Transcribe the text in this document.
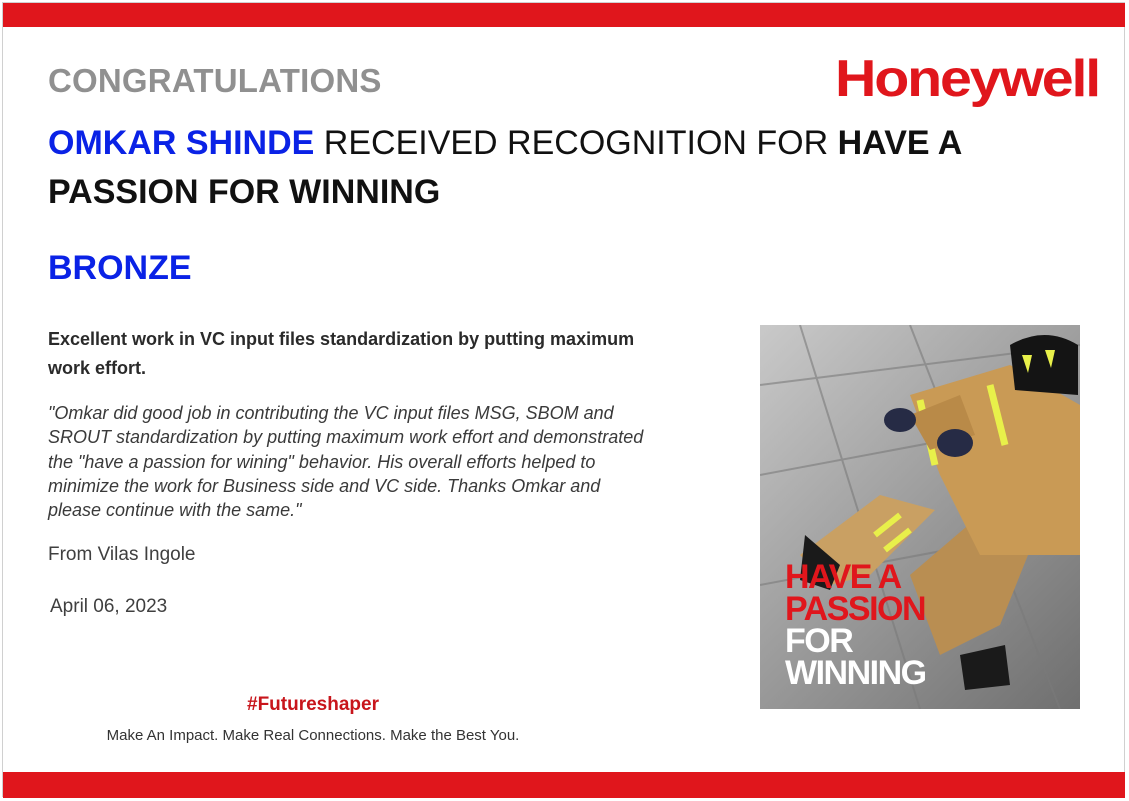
Honeywell
CONGRATULATIONS
OMKAR SHINDE RECEIVED RECOGNITION FOR HAVE A PASSION FOR WINNING
BRONZE
Excellent work in VC input files standardization by putting maximum work effort.
"Omkar did good job in contributing the VC input files MSG, SBOM and SROUT standardization by putting maximum work effort and demonstrated the "have a passion for wining" behavior. His overall efforts helped to minimize the work for Business side and VC side. Thanks Omkar and please continue with the same."
From Vilas Ingole
April 06, 2023
HAVE A
PASSION
FOR
WINNING
#Futureshaper
Make An Impact. Make Real Connections. Make the Best You.
